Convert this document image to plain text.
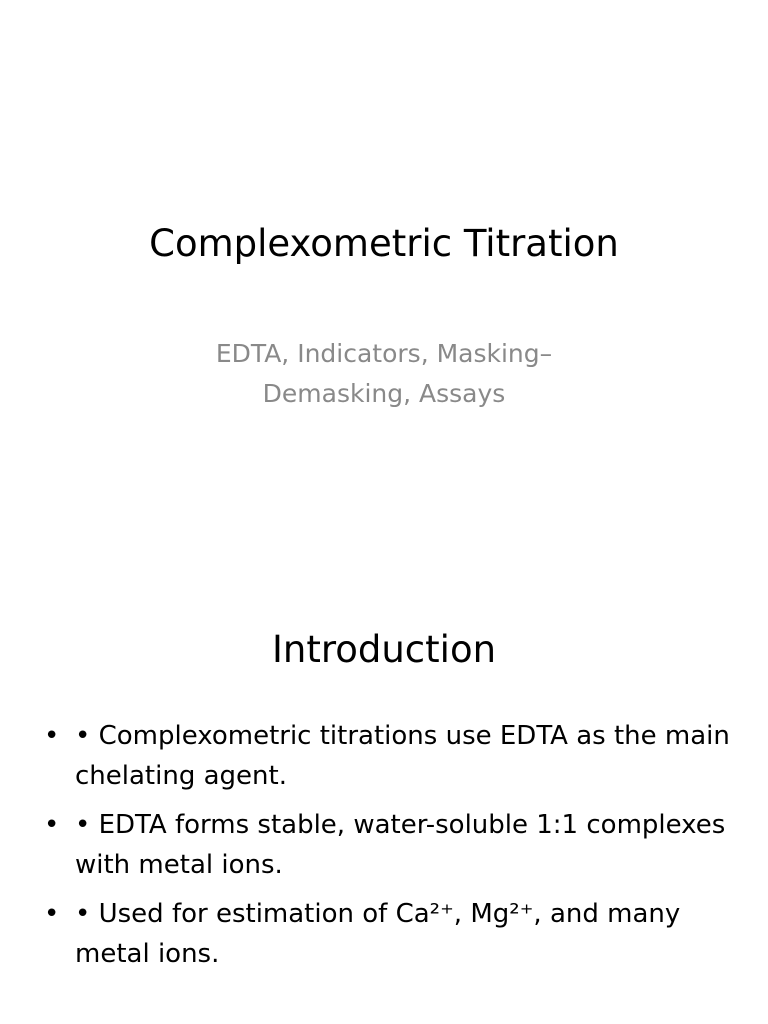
Complexometric Titration
EDTA, Indicators, Masking–
Demasking, Assays
Introduction
• • Complexometric titrations use EDTA as the main chelating agent.
• • EDTA forms stable, water-soluble 1:1 complexes with metal ions.
• • Used for estimation of Ca²⁺, Mg²⁺, and many metal ions.
